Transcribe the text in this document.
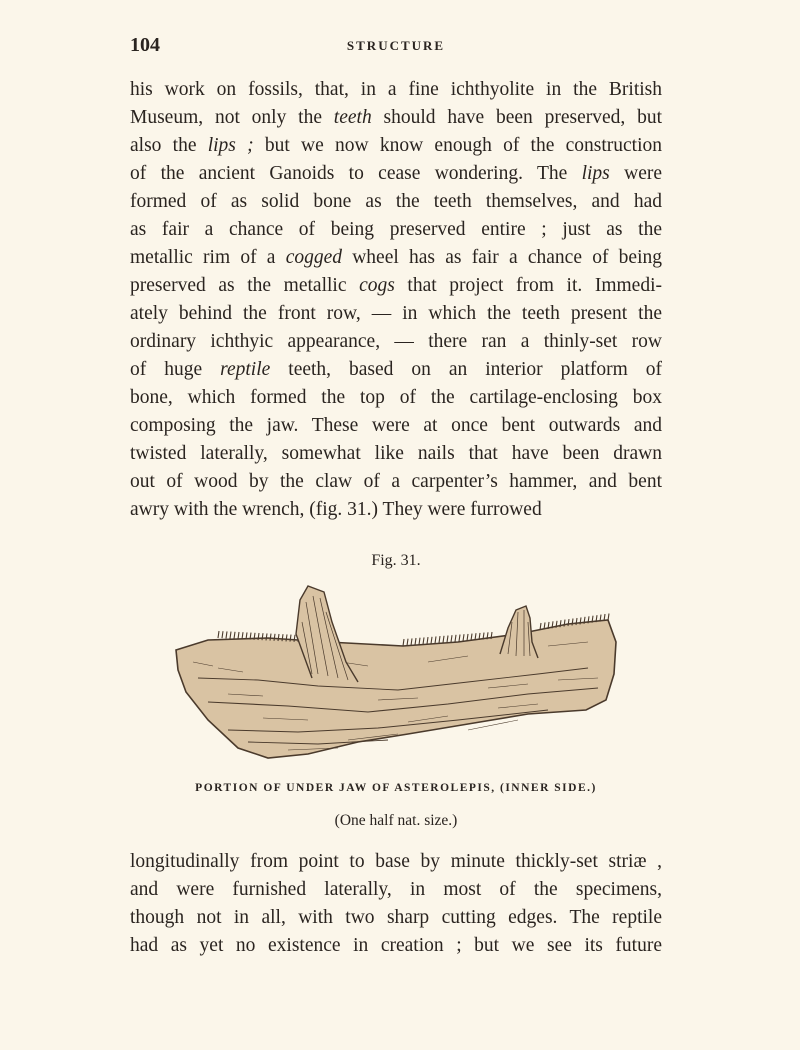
104	STRUCTURE
his work on fossils, that, in a fine ichthyolite in the British
Museum, not only the teeth should have been preserved, but
also the lips ; but we now know enough of the construction
of the ancient Ganoids to cease wondering. The lips were
formed of as solid bone as the teeth themselves, and had
as fair a chance of being preserved entire ; just as the
metallic rim of a cogged wheel has as fair a chance of being
preserved as the metallic cogs that project from it. Immedi-
ately behind the front row, — in which the teeth present the
ordinary ichthyic appearance, — there ran a thinly-set row
of huge reptile teeth, based on an interior platform of
bone, which formed the top of the cartilage-enclosing box
composing the jaw. These were at once bent outwards and
twisted laterally, somewhat like nails that have been drawn
out of wood by the claw of a carpenter’s hammer, and bent
awry with the wrench, (fig. 31.) They were furrowed
Fig. 31.
PORTION OF UNDER JAW OF ASTEROLEPIS, (INNER SIDE.)
(One half nat. size.)
longitudinally from point to base by minute thickly-set striæ ,
and were furnished laterally, in most of the specimens,
though not in all, with two sharp cutting edges. The reptile
had as yet no existence in creation ; but we see its future
